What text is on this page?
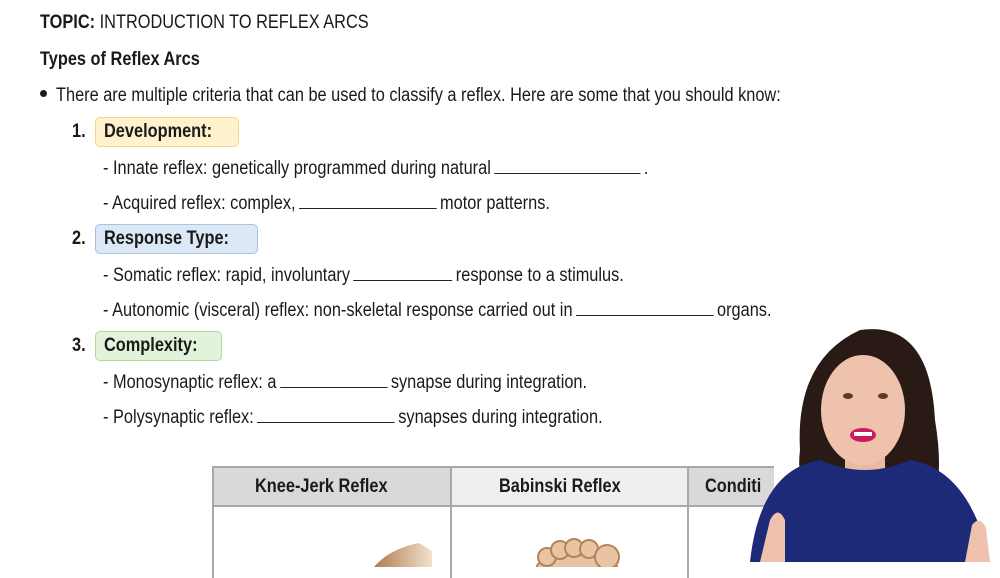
TOPIC: INTRODUCTION TO REFLEX ARCS
Types of Reflex Arcs
There are multiple criteria that can be used to classify a reflex. Here are some that you should know:
1. Development:
- Innate reflex: genetically programmed during natural	.
- Acquired reflex: complex,	motor patterns.
2. Response Type:
- Somatic reflex: rapid, involuntary	response to a stimulus.
- Autonomic (visceral) reflex: non-skeletal response carried out in	organs.
3. Complexity:
- Monosynaptic reflex: a	synapse during integration.
- Polysynaptic reflex:	synapses during integration.
Knee-Jerk Reflex	Babinski Reflex	Conditi
